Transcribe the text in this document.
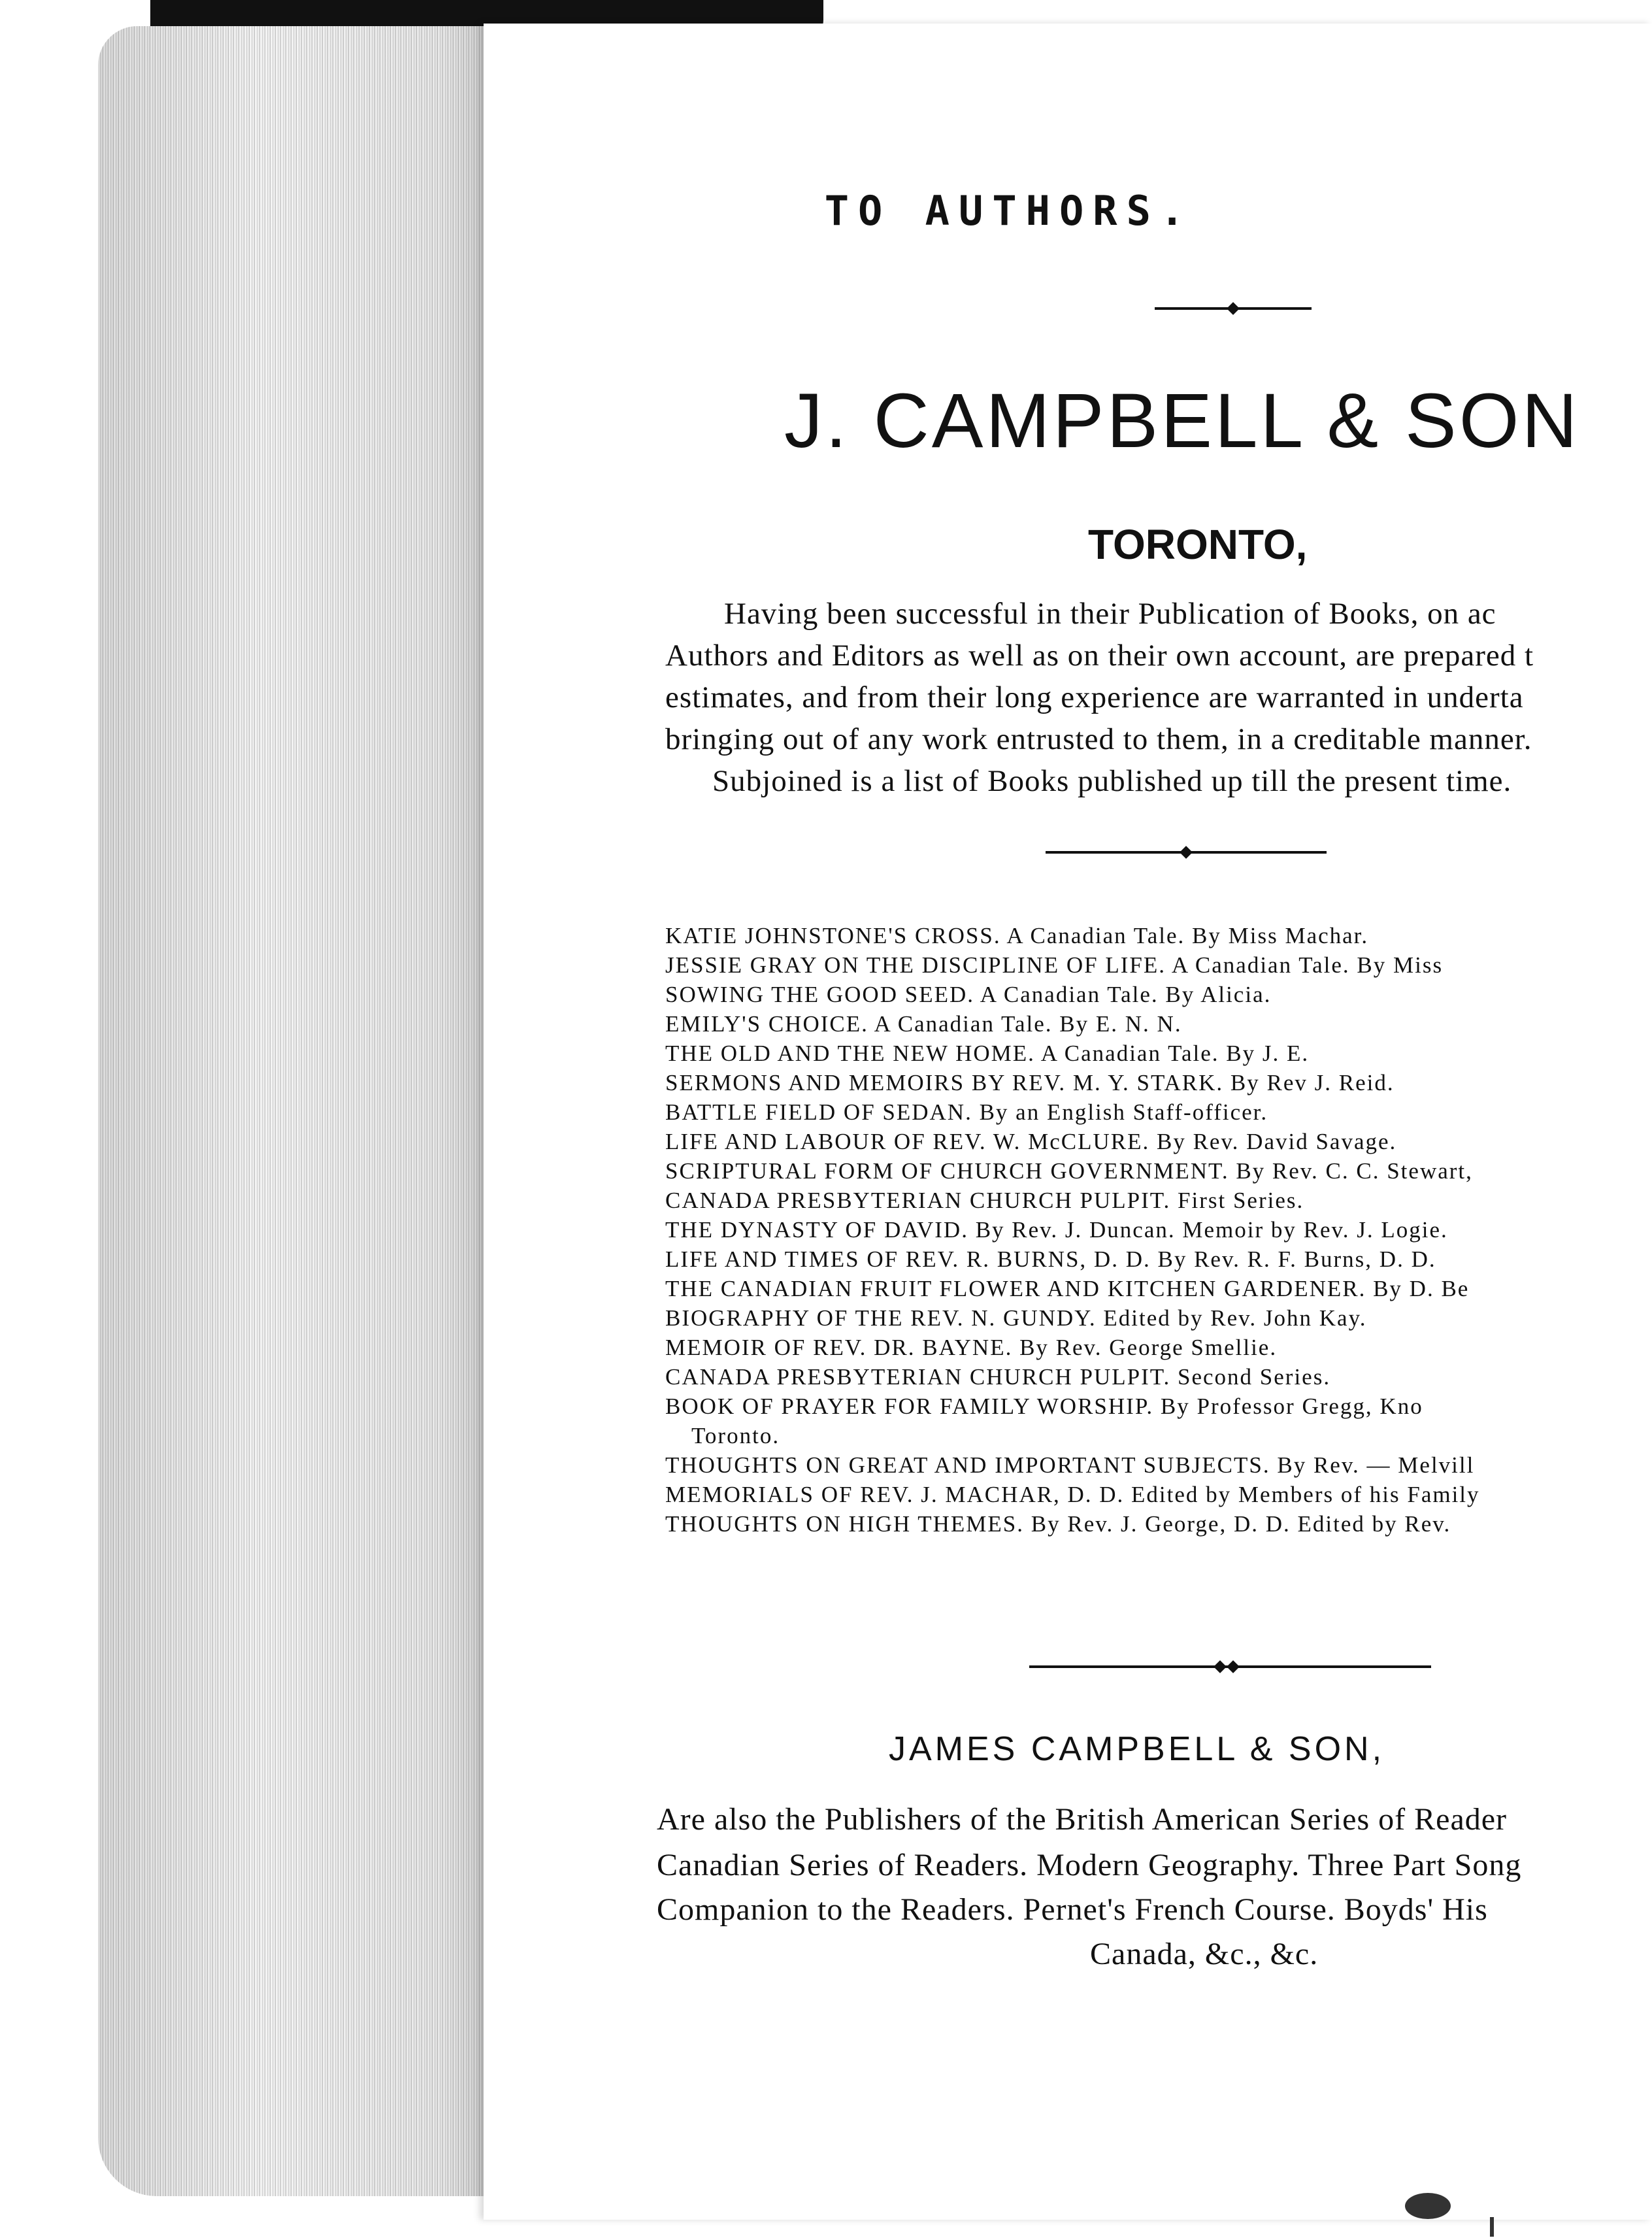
TO AUTHORS.
J. CAMPBELL & SON
TORONTO,
Having been successful in their Publication of Books, on ac
Authors and Editors as well as on their own account, are prepared t
estimates, and from their long experience are warranted in underta
bringing out of any work entrusted to them, in a creditable manner.
Subjoined is a list of Books published up till the present time.
KATIE JOHNSTONE'S CROSS. A Canadian Tale. By Miss Machar.
JESSIE GRAY ON THE DISCIPLINE OF LIFE. A Canadian Tale. By Miss
SOWING THE GOOD SEED. A Canadian Tale. By Alicia.
EMILY'S CHOICE. A Canadian Tale. By E. N. N.
THE OLD AND THE NEW HOME. A Canadian Tale. By J. E.
SERMONS AND MEMOIRS BY REV. M. Y. STARK. By Rev J. Reid.
BATTLE FIELD OF SEDAN. By an English Staff-officer.
LIFE AND LABOUR OF REV. W. McCLURE. By Rev. David Savage.
SCRIPTURAL FORM OF CHURCH GOVERNMENT. By Rev. C. C. Stewart,
CANADA PRESBYTERIAN CHURCH PULPIT. First Series.
THE DYNASTY OF DAVID. By Rev. J. Duncan. Memoir by Rev. J. Logie.
LIFE AND TIMES OF REV. R. BURNS, D. D. By Rev. R. F. Burns, D. D.
THE CANADIAN FRUIT FLOWER AND KITCHEN GARDENER. By D. Be
BIOGRAPHY OF THE REV. N. GUNDY. Edited by Rev. John Kay.
MEMOIR OF REV. DR. BAYNE. By Rev. George Smellie.
CANADA PRESBYTERIAN CHURCH PULPIT. Second Series.
BOOK OF PRAYER FOR FAMILY WORSHIP. By Professor Gregg, Kno
Toronto.
THOUGHTS ON GREAT AND IMPORTANT SUBJECTS. By Rev. — Melvill
MEMORIALS OF REV. J. MACHAR, D. D. Edited by Members of his Family
THOUGHTS ON HIGH THEMES. By Rev. J. George, D. D. Edited by Rev.
JAMES CAMPBELL & SON,
Are also the Publishers of the British American Series of Reader
Canadian Series of Readers. Modern Geography. Three Part Song
Companion to the Readers. Pernet's French Course. Boyds' His
Canada, &c., &c.
